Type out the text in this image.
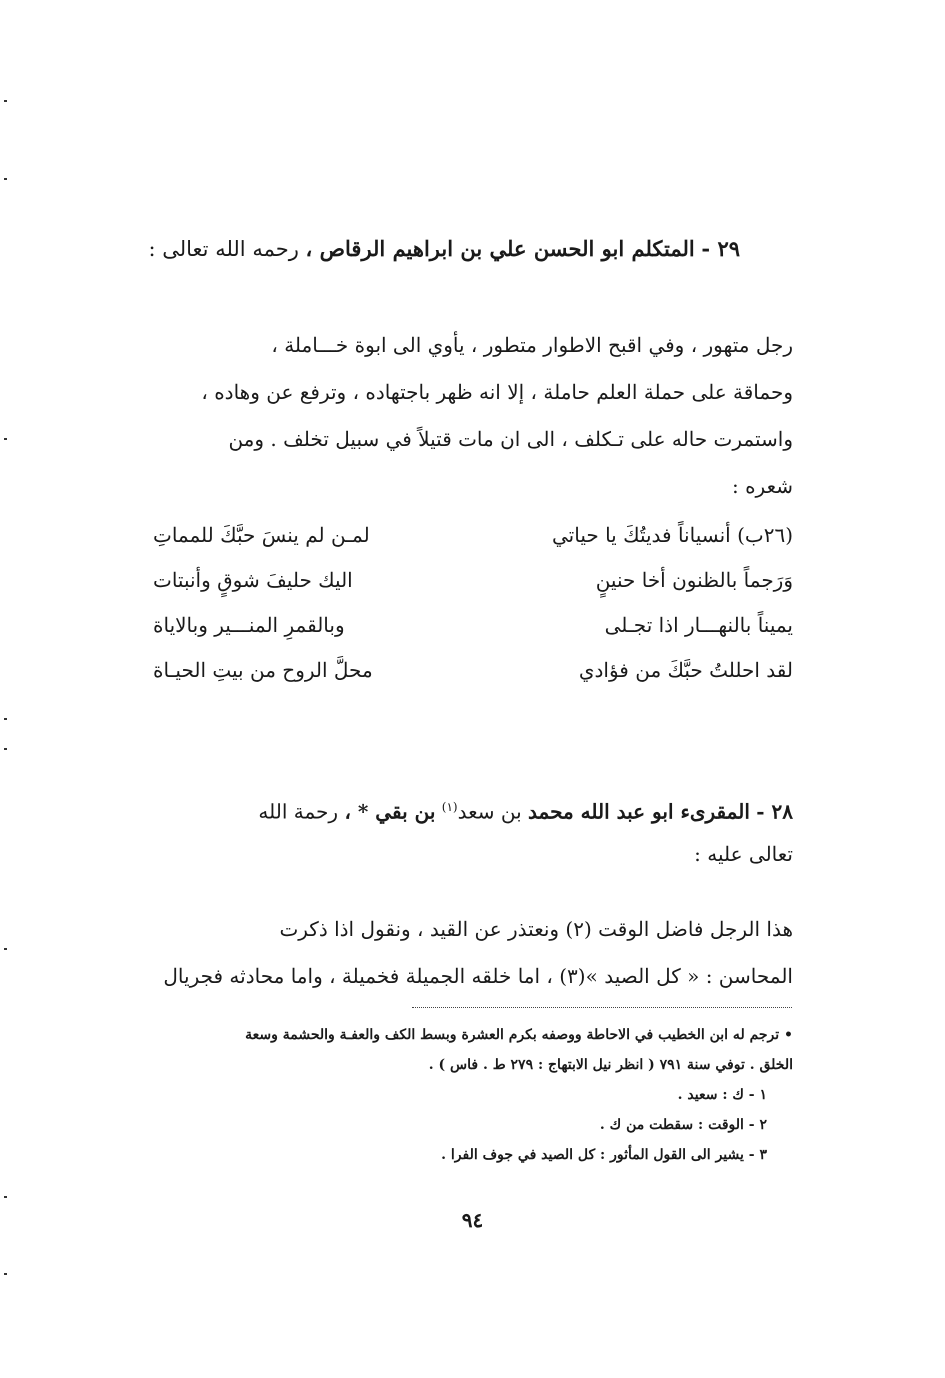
٢٩ - المتكلم ابو الحسن علي بن ابراهيم الرقاص ، رحمه الله تعالى :
رجل متهور ، وفي اقبح الاطوار متطور ، يأوي الى ابوة خـــاملة ،
وحماقة على حملة العلم حاملة ، إلا انه ظهر باجتهاده ، وترفع عن وهاده ،
واستمرت حاله على تـكلف ، الى ان مات قتيلاً في سبيل تخلف . ومن
شعره :
(٢٦ب) أنسياناً فديتُكَ يا حياتي
لمـن لم ينسَ حبَّكَ للمماتِ
وَرَجماً بالظنون أخا حنينٍ
اليك حليفَ شوقٍ وأنبتات
يميناً بالنهـــار اذا تجـلى
وبالقمرِ المنـــير وبالاياة
لقد احللتُ حبَّكَ من فؤادي
محلَّ الروح من بيتِ الحيـاة
٢٨ - المقرىء ابو عبد الله محمد بن سعد$^{(١)}$ بن بقي * ، رحمة الله
تعالى عليه :
هذا الرجل فاضل الوقت (٢) ونعتذر عن القيد ، ونقول اذا ذكرت
المحاسن : « كل الصيد »(٣) ، اما خلقه الجميلة فخميلة ، واما محادثه فجريال
• ترجم له ابن الخطيب في الاحاطة ووصفه بكرم العشرة وبسط الكف والعفـة والحشمة وسعة
الخلق . توفي سنة ٧٩١ ( انظر نيل الابتهاج : ٢٧٩ ط . فاس ) .
١ - ك : سعيد .
٢ - الوقت : سقطت من ك .
٣ - يشير الى القول المأثور : كل الصيد في جوف الفرا .
٩٤
